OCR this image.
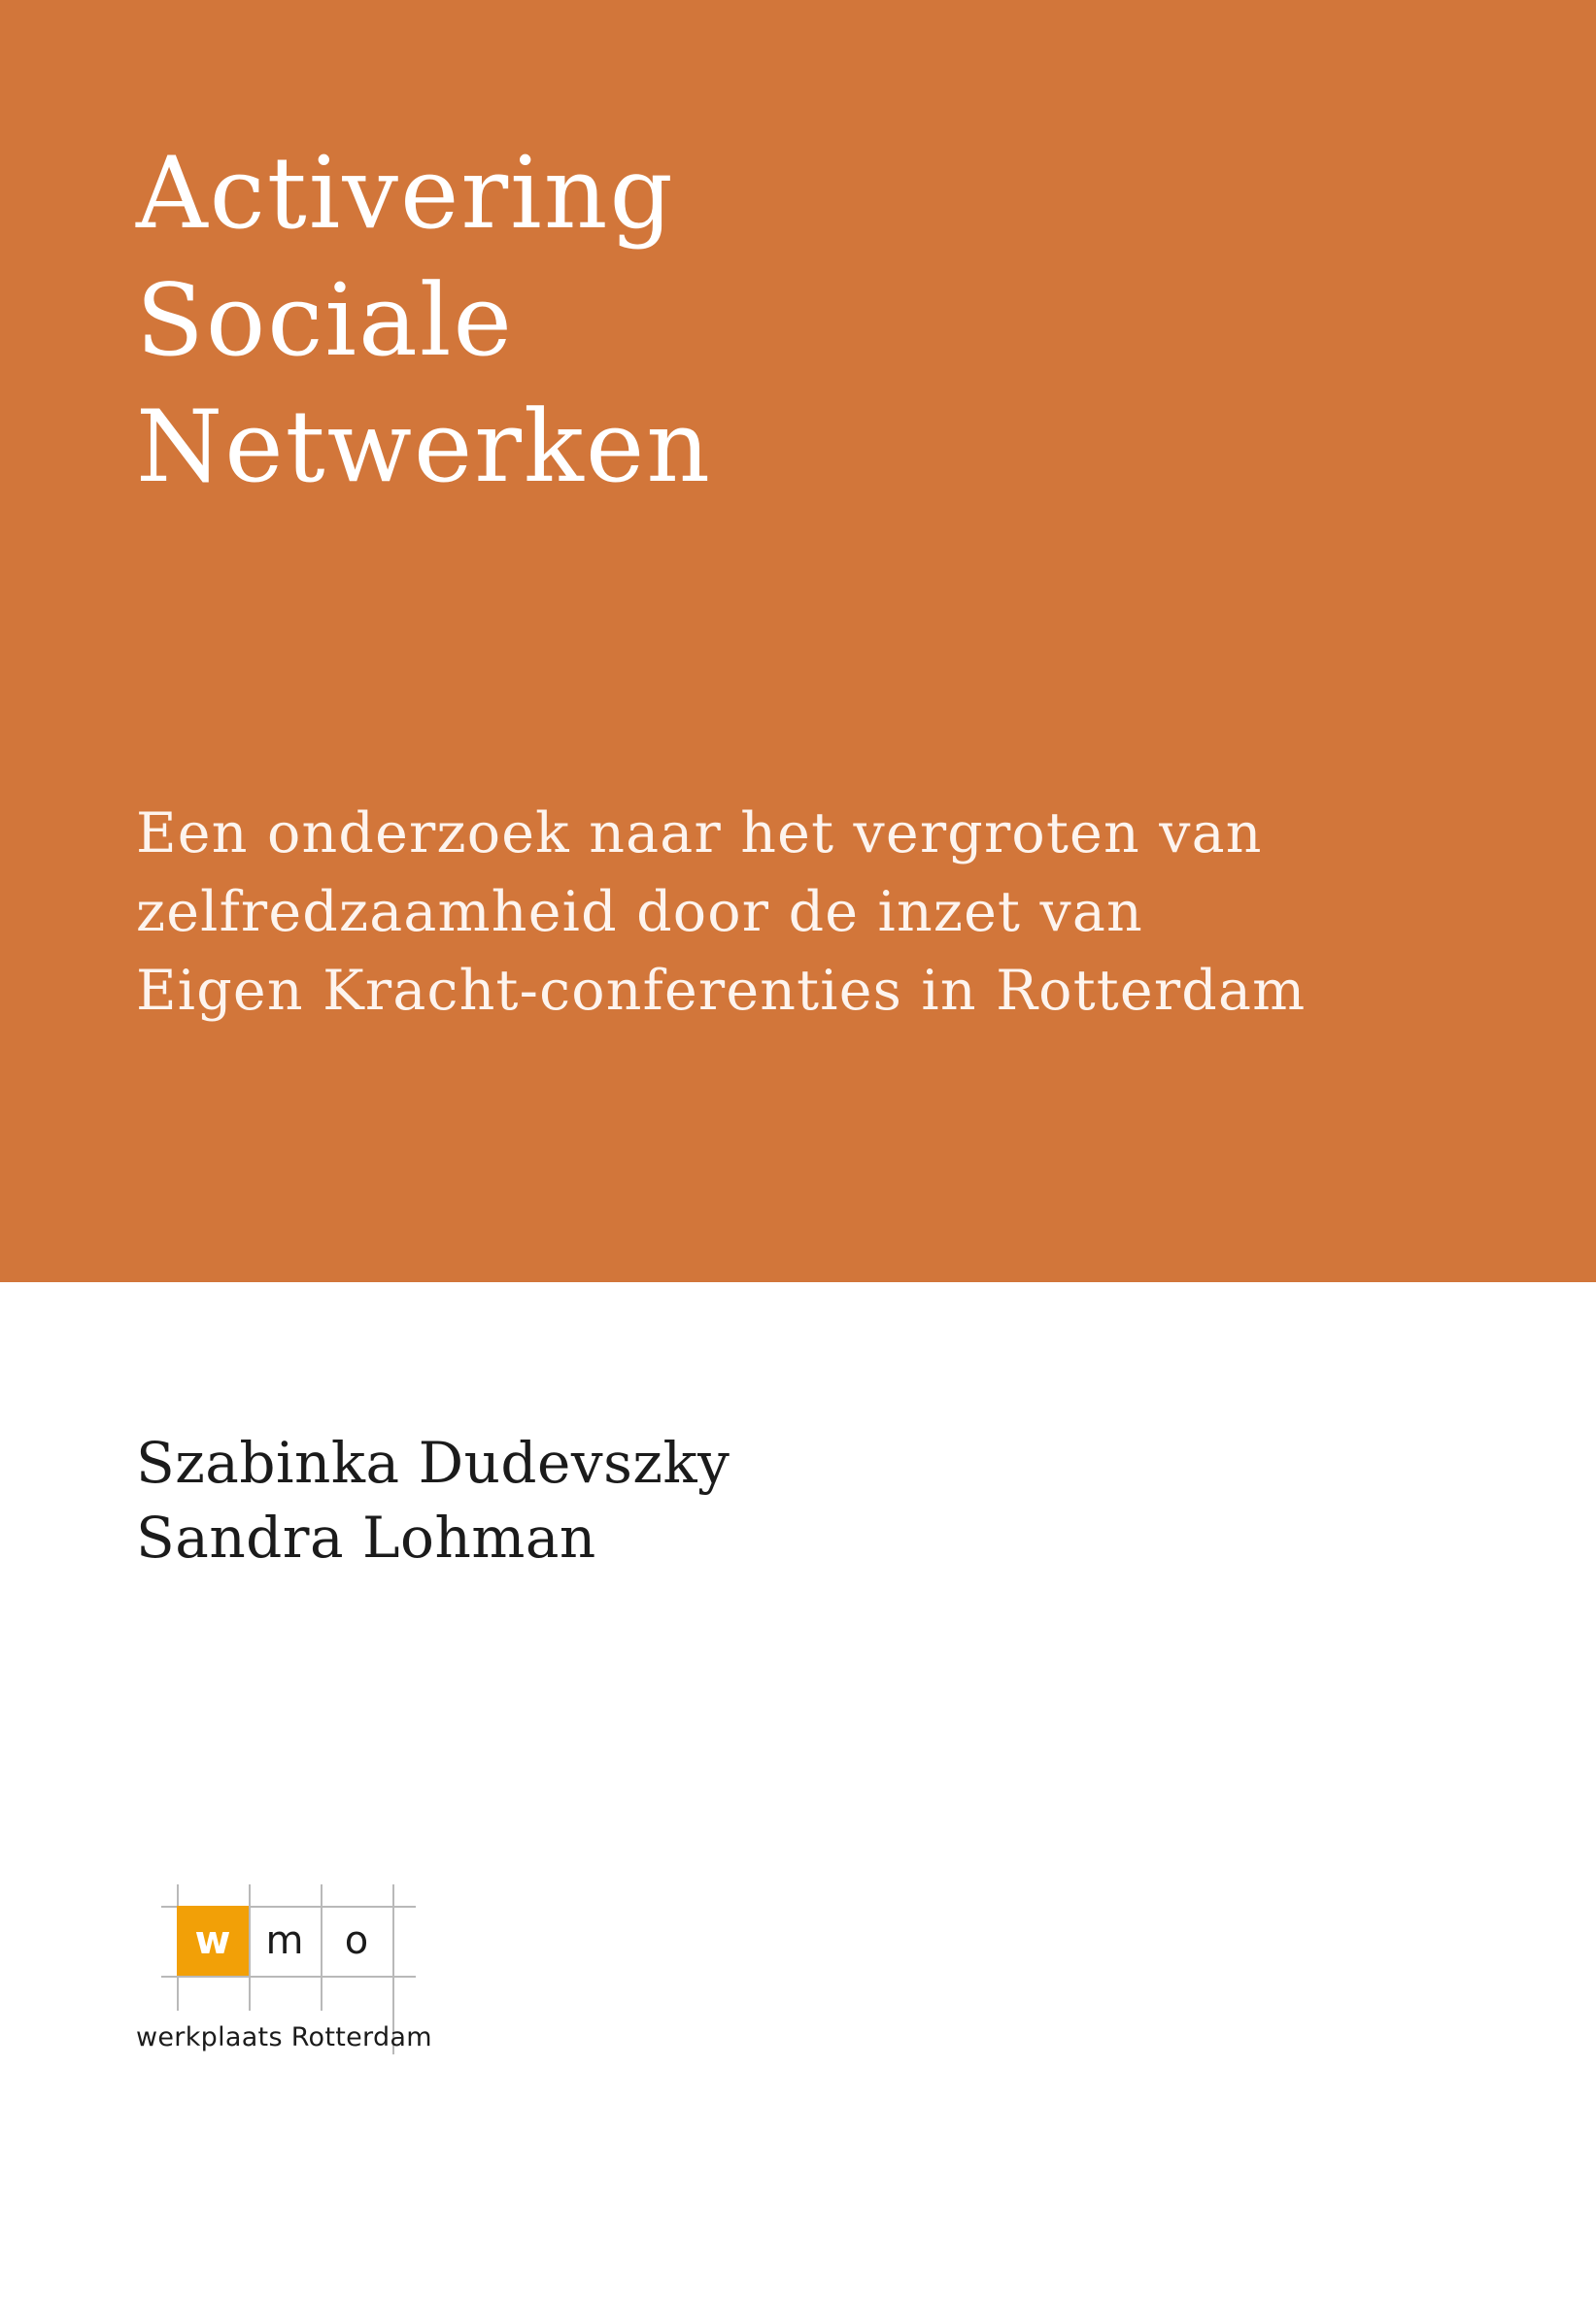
Activering
Sociale
Netwerken
Een onderzoek naar het vergroten van
zelfredzaamheid door de inzet van
Eigen Kracht-conferenties in Rotterdam
Szabinka Dudevszky
Sandra Lohman
w m	o
werkplaats Rotterdam
